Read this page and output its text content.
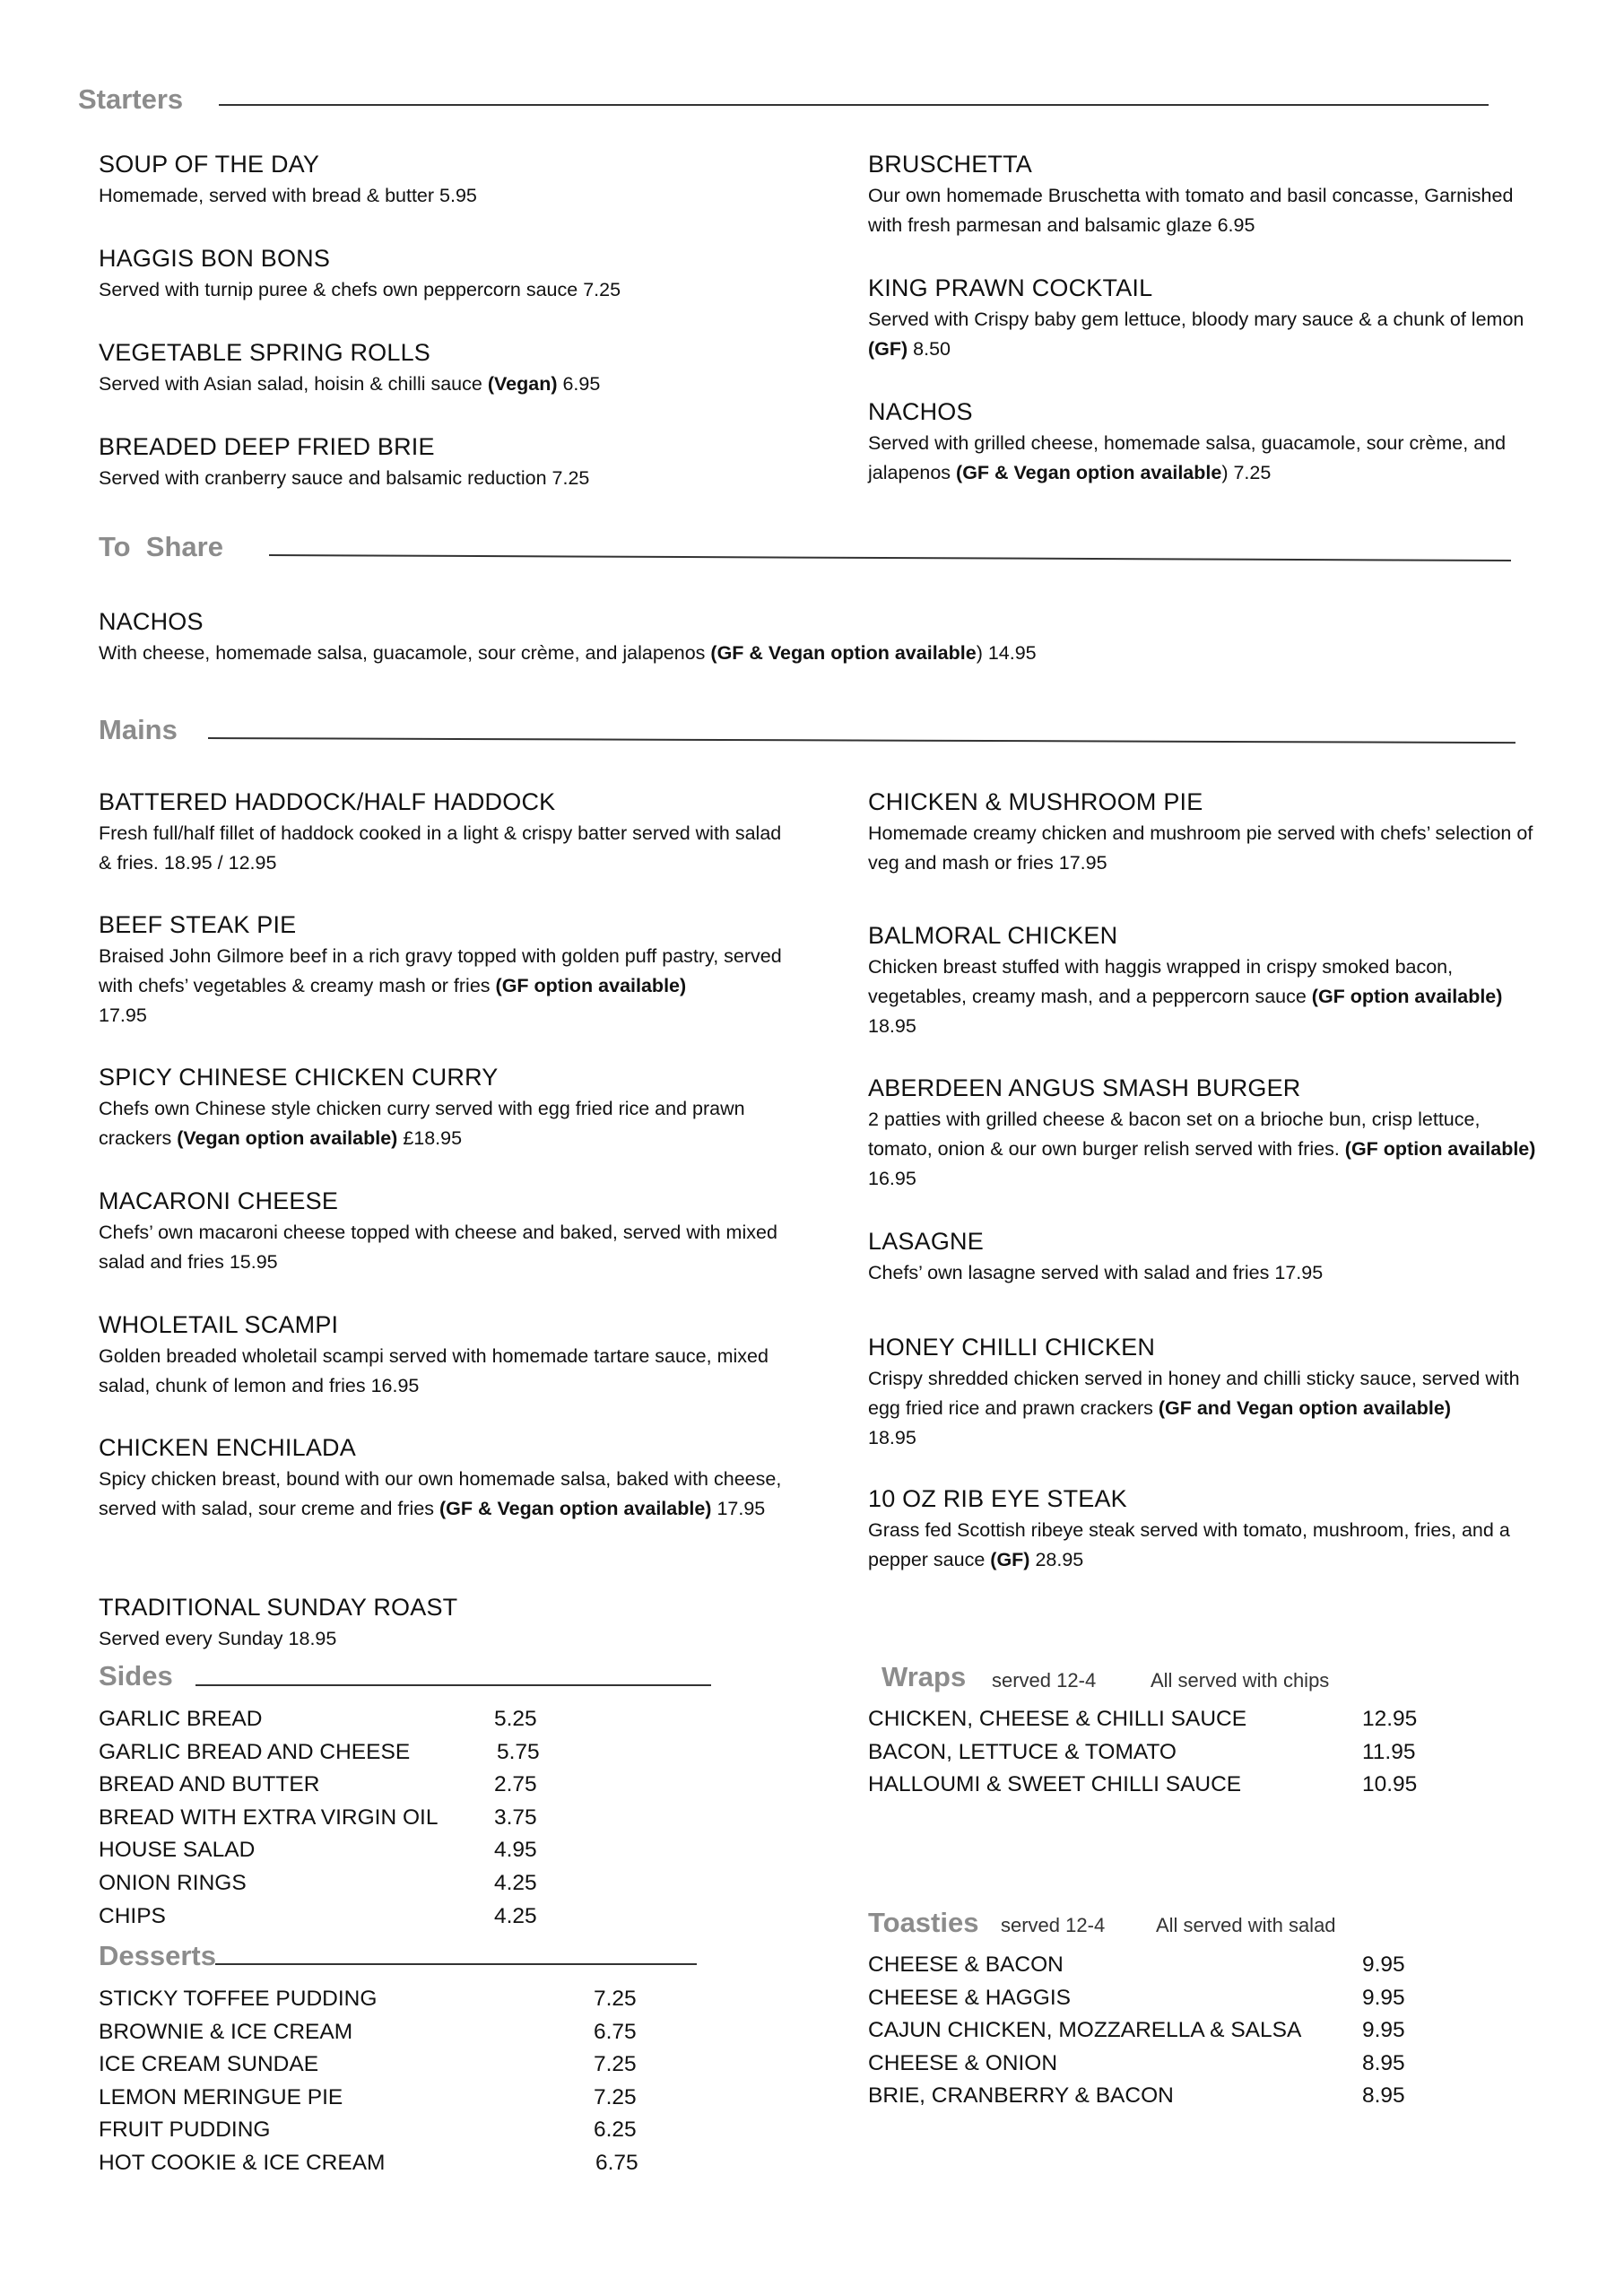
Starters
SOUP OF THE DAY
Homemade, served with bread & butter 5.95
HAGGIS BON BONS
Served with turnip puree & chefs own peppercorn sauce 7.25
VEGETABLE SPRING ROLLS
Served with Asian salad, hoisin & chilli sauce (Vegan) 6.95
BREADED DEEP FRIED BRIE
Served with cranberry sauce and balsamic reduction 7.25
BRUSCHETTA
Our own homemade Bruschetta with tomato and basil concasse, Garnished with fresh parmesan and balsamic glaze 6.95
KING PRAWN COCKTAIL
Served with Crispy baby gem lettuce, bloody mary sauce & a chunk of lemon (GF) 8.50
NACHOS
Served with grilled cheese, homemade salsa, guacamole, sour crème, and jalapenos (GF & Vegan option available) 7.25
To  Share
NACHOS
With cheese, homemade salsa, guacamole, sour crème, and jalapenos (GF & Vegan option available) 14.95
Mains
BATTERED HADDOCK/HALF HADDOCK
Fresh full/half fillet of haddock cooked in a light & crispy batter served with salad & fries. 18.95 / 12.95
BEEF STEAK PIE
Braised John Gilmore beef in a rich gravy topped with golden puff pastry, served with chefs’ vegetables & creamy mash or fries (GF option available)
17.95
SPICY CHINESE CHICKEN CURRY
Chefs own Chinese style chicken curry served with egg fried rice and prawn crackers (Vegan option available) £18.95
MACARONI CHEESE
Chefs’ own macaroni cheese topped with cheese and baked, served with mixed salad and fries 15.95
WHOLETAIL SCAMPI
Golden breaded wholetail scampi served with homemade tartare sauce, mixed salad, chunk of lemon and fries 16.95
CHICKEN ENCHILADA
Spicy chicken breast, bound with our own homemade salsa, baked with cheese, served with salad, sour creme and fries (GF & Vegan option available) 17.95
TRADITIONAL SUNDAY ROAST
Served every Sunday 18.95
CHICKEN & MUSHROOM PIE
Homemade creamy chicken and mushroom pie served with chefs’ selection of veg and mash or fries 17.95
BALMORAL CHICKEN
Chicken breast stuffed with haggis wrapped in crispy smoked bacon, vegetables, creamy mash, and a peppercorn sauce (GF option available)
18.95
ABERDEEN ANGUS SMASH BURGER
2 patties with grilled cheese & bacon set on a brioche bun, crisp lettuce, tomato, onion & our own burger relish served with fries. (GF option available) 16.95
LASAGNE
Chefs’ own lasagne served with salad and fries 17.95
HONEY CHILLI CHICKEN
Crispy shredded chicken served in honey and chilli sticky sauce, served with egg fried rice and prawn crackers (GF and Vegan option available)
18.95
10 OZ RIB EYE STEAK
Grass fed Scottish ribeye steak served with tomato, mushroom, fries, and a pepper sauce (GF) 28.95
Sides
GARLIC BREAD	5.25
GARLIC BREAD AND CHEESE	5.75
BREAD AND BUTTER	2.75
BREAD WITH EXTRA VIRGIN OIL	3.75
HOUSE SALAD	4.95
ONION RINGS	4.25
CHIPS	4.25
Desserts
STICKY TOFFEE PUDDING	7.25
BROWNIE & ICE CREAM	6.75
ICE CREAM SUNDAE	7.25
LEMON MERINGUE PIE	7.25
FRUIT PUDDING	6.25
HOT COOKIE & ICE CREAM	6.75
Wraps served 12-4	All served with chips
CHICKEN, CHEESE & CHILLI SAUCE	12.95
BACON, LETTUCE & TOMATO	11.95
HALLOUMI & SWEET CHILLI SAUCE	10.95
Toasties served 12-4	All served with salad
CHEESE & BACON	9.95
CHEESE & HAGGIS	9.95
CAJUN CHICKEN, MOZZARELLA & SALSA	9.95
CHEESE & ONION	8.95
BRIE, CRANBERRY & BACON	8.95
